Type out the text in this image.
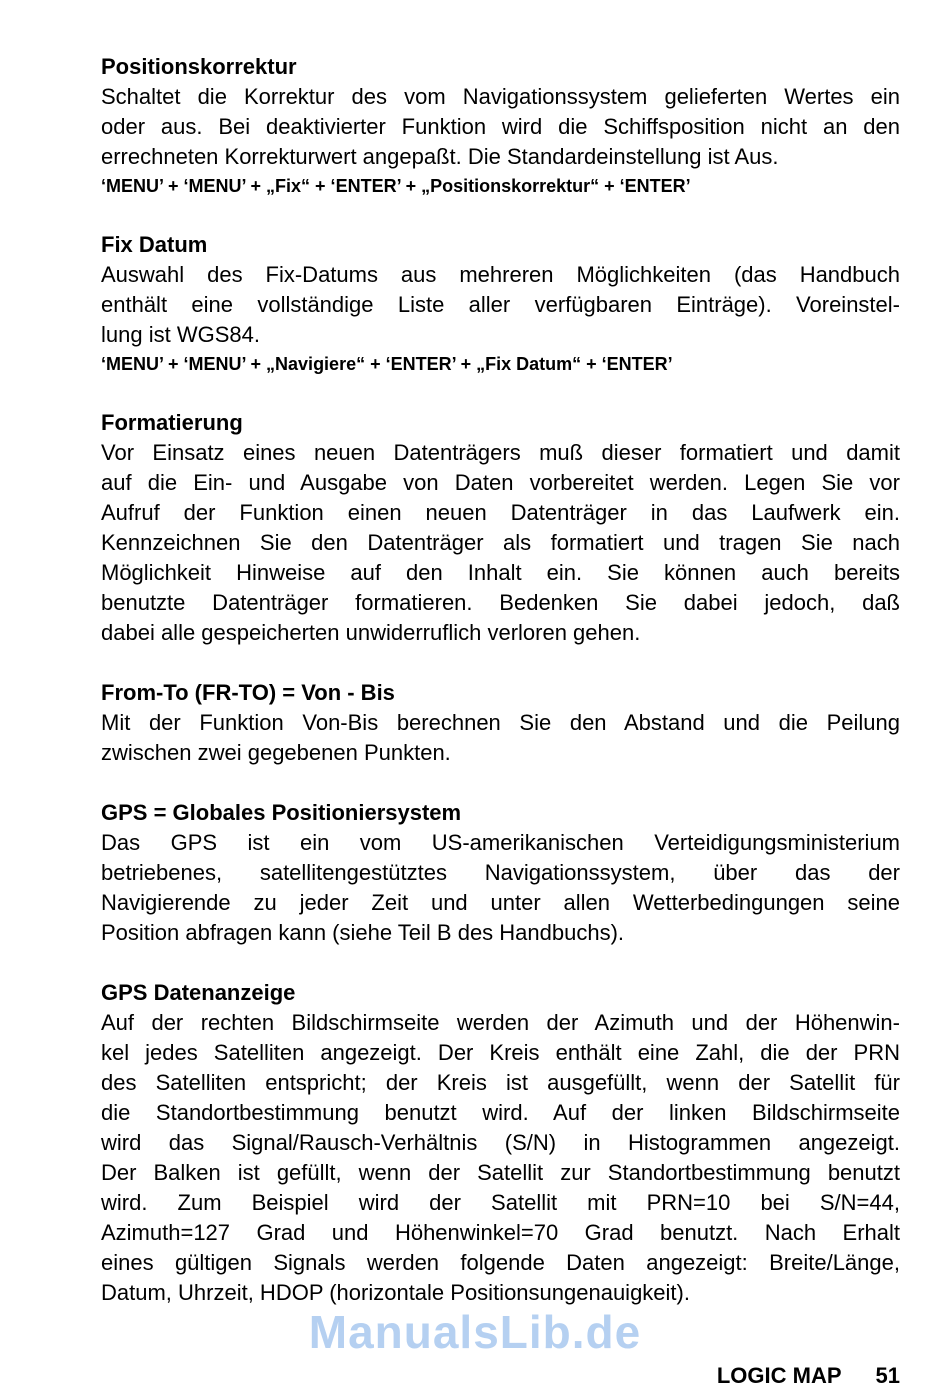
Positionskorrektur
Schaltet die Korrektur des vom Navigationssystem gelieferten Wertes ein
oder aus. Bei deaktivierter Funktion wird die Schiffsposition nicht an den
errechneten Korrekturwert angepaßt. Die Standardeinstellung ist Aus.
‘MENU’ + ‘MENU’ + „Fix“ + ‘ENTER’ + „Positionskorrektur“ + ‘ENTER’
Fix Datum
Auswahl des Fix-Datums aus mehreren Möglichkeiten (das Handbuch
enthält eine vollständige Liste aller verfügbaren Einträge). Voreinstel-
lung ist WGS84.
‘MENU’ + ‘MENU’ + „Navigiere“ + ‘ENTER’ + „Fix Datum“ + ‘ENTER’
Formatierung
Vor Einsatz eines neuen Datenträgers muß dieser formatiert und damit
auf die Ein- und Ausgabe von Daten vorbereitet werden. Legen Sie vor
Aufruf der Funktion einen neuen Datenträger in das Laufwerk ein.
Kennzeichnen Sie den Datenträger als formatiert und tragen Sie nach
Möglichkeit Hinweise auf den Inhalt ein. Sie können auch bereits
benutzte Datenträger formatieren. Bedenken Sie dabei jedoch, daß
dabei alle gespeicherten unwiderruflich verloren gehen.
From-To (FR-TO) = Von - Bis
Mit der Funktion Von-Bis berechnen Sie den Abstand und die Peilung
zwischen zwei gegebenen Punkten.
GPS = Globales Positioniersystem
Das GPS ist ein vom US-amerikanischen Verteidigungsministerium
betriebenes, satellitengestütztes Navigationssystem, über das der
Navigierende zu jeder Zeit und unter allen Wetterbedingungen seine
Position abfragen kann (siehe Teil B des Handbuchs).
GPS Datenanzeige
Auf der rechten Bildschirmseite werden der Azimuth und der Höhenwin-
kel jedes Satelliten angezeigt. Der Kreis enthält eine Zahl, die der PRN
des Satelliten entspricht; der Kreis ist ausgefüllt, wenn der Satellit für
die Standortbestimmung benutzt wird. Auf der linken Bildschirmseite
wird das Signal/Rausch-Verhältnis (S/N) in Histogrammen angezeigt.
Der Balken ist gefüllt, wenn der Satellit zur Standortbestimmung benutzt
wird. Zum Beispiel wird der Satellit mit PRN=10 bei S/N=44,
Azimuth=127 Grad und Höhenwinkel=70 Grad benutzt. Nach Erhalt
eines gültigen Signals werden folgende Daten angezeigt: Breite/Länge,
Datum, Uhrzeit, HDOP (horizontale Positionsungenauigkeit).
ManualsLib.de
LOGIC MAP 51
